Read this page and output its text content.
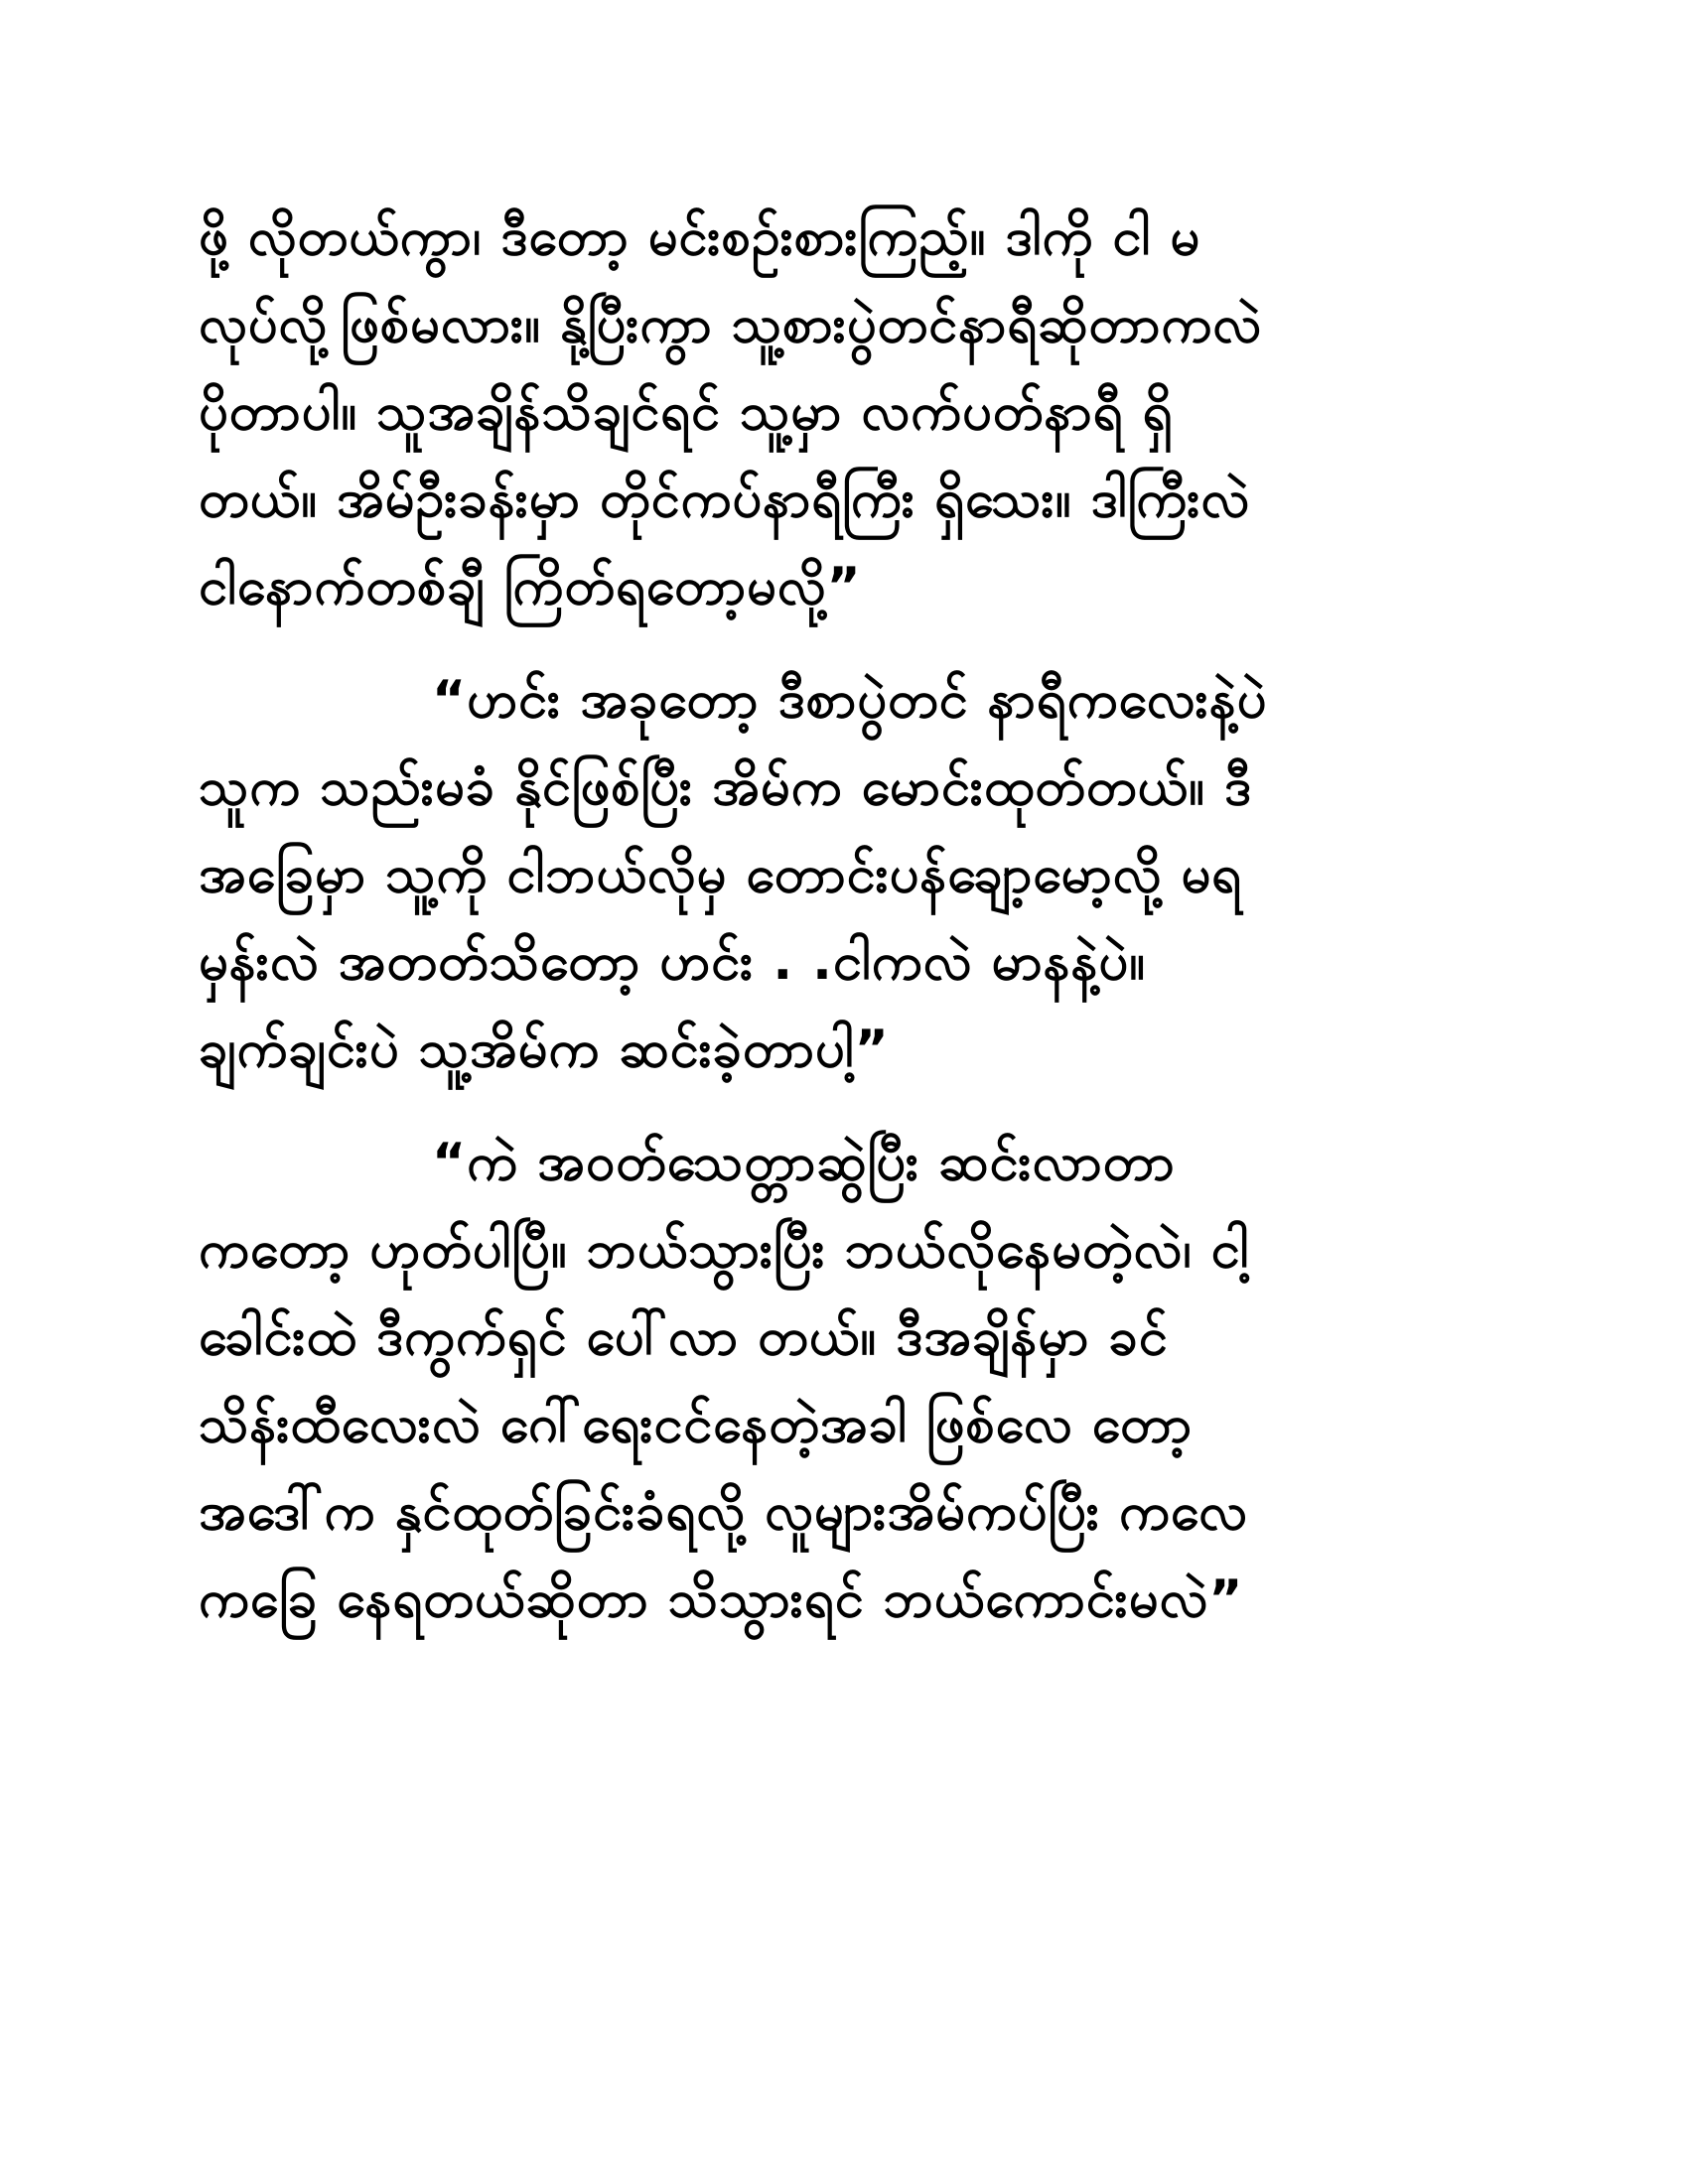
ဖို့ လိုတယ်ကွာ၊ ဒီတော့ မင်းစဉ်းစားကြည့်။ ဒါကို ငါ မ
လုပ်လို့ဖြစ်မလား။ နို့ပြီးကွာ သူ့စားပွဲတင်နာရီဆိုတာကလဲ
ပိုတာပါ။ သူအချိန်သိချင်ရင် သူ့မှာ လက်ပတ်နာရီ ရှိ
တယ်။ အိမ်ဦးခန်းမှာ တိုင်ကပ်နာရီကြီး ရှိသေး။ ဒါကြီးလဲ
ငါနောက်တစ်ချီ ကြိတ်ရတော့မလို့”
“ဟင်း အခုတော့ ဒီစာပွဲတင် နာရီကလေးနဲ့ပဲ
သူက သည်းမခံ နိုင်ဖြစ်ပြီး အိမ်က မောင်းထုတ်တယ်။ ဒီ
အခြေမှာ သူ့ကို ငါဘယ်လိုမှ တောင်းပန်ချော့မော့လို့ မရ
မှန်းလဲ အတတ်သိတော့ ဟင်း . .ငါကလဲ မာနနဲ့ပဲ။
ချက်ချင်းပဲ သူ့အိမ်က ဆင်းခဲ့တာပါ့”
“ကဲ အဝတ်သေတ္တာဆွဲပြီး ဆင်းလာတာ
ကတော့ ဟုတ်ပါပြီ။ ဘယ်သွားပြီး ဘယ်လိုနေမတဲ့လဲ၊ ငါ့
ခေါင်းထဲ ဒီကွက်ရှင် ပေါ်လာ တယ်။ ဒီအချိန်မှာ ခင်
သိန်းထီလေးလဲ ဂေါ်ရေးငင်နေတဲ့အခါ ဖြစ်လေ တော့
အဒေါ်က နှင်ထုတ်ခြင်းခံရလို့ လူများအိမ်ကပ်ပြီး ကလေ
ကခြေ နေရတယ်ဆိုတာ သိသွားရင် ဘယ်ကောင်းမလဲ”
